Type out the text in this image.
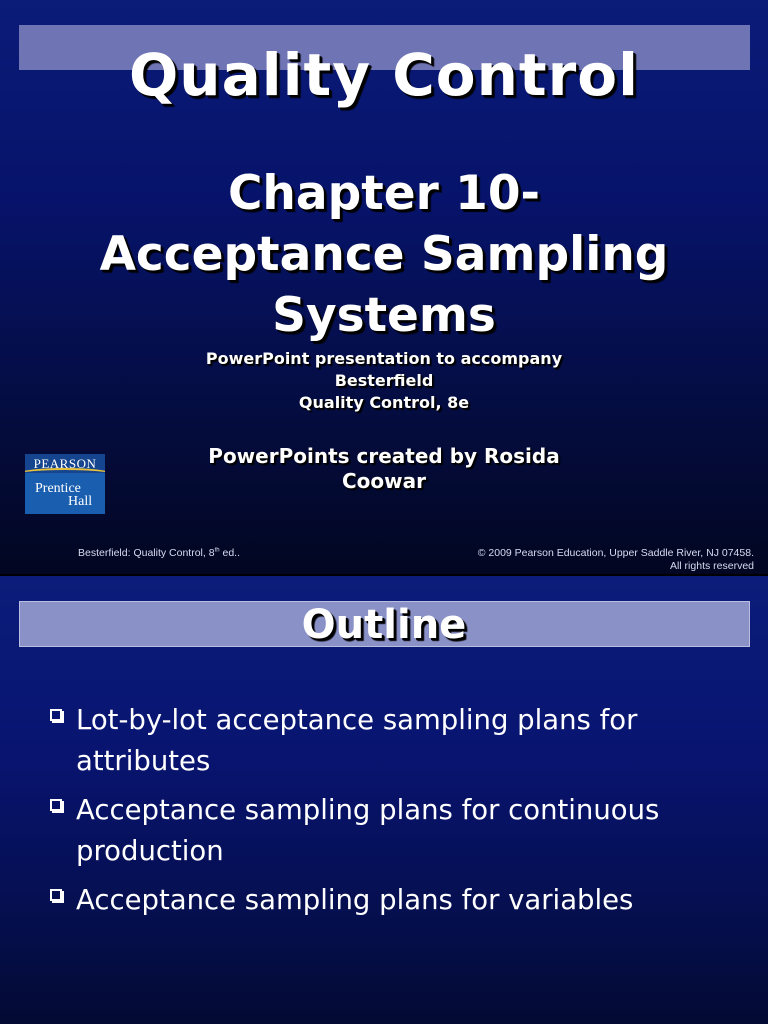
Quality Control
Chapter 10-
Acceptance Sampling
Systems
PowerPoint presentation to accompany
Besterfield
Quality Control, 8e
PowerPoints created by Rosida
Coowar
PEARSON
Prentice
Hall
Besterfield: Quality Control, 8th ed..	© 2009 Pearson Education, Upper Saddle River, NJ 07458.
All rights reserved
Outline
Lot-by-lot acceptance sampling plans for
attributes
Acceptance sampling plans for continuous
production
Acceptance sampling plans for variables
